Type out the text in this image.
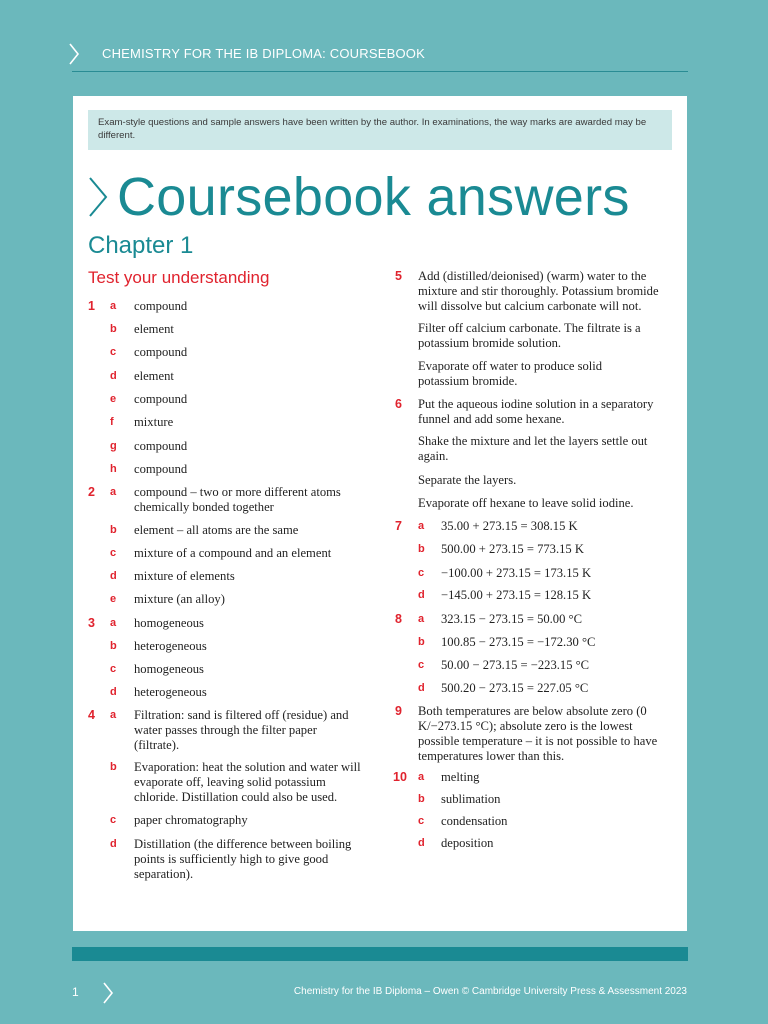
CHEMISTRY FOR THE IB DIPLOMA: COURSEBOOK
Exam-style questions and sample answers have been written by the author. In examinations, the way marks are awarded may be different.
Coursebook answers
Chapter 1
Test your understanding
1 a compound
b element
c compound
d element
e compound
f mixture
g compound
h compound
2 a compound – two or more different atoms chemically bonded together
b element – all atoms are the same
c mixture of a compound and an element
d mixture of elements
e mixture (an alloy)
3 a homogeneous
b heterogeneous
c homogeneous
d heterogeneous
4 a Filtration: sand is filtered off (residue) and water passes through the filter paper (filtrate).
b Evaporation: heat the solution and water will evaporate off, leaving solid potassium chloride. Distillation could also be used.
c paper chromatography
d Distillation (the difference between boiling points is sufficiently high to give good separation).
5 Add (distilled/deionised) (warm) water to the mixture and stir thoroughly. Potassium bromide will dissolve but calcium carbonate will not.
Filter off calcium carbonate. The filtrate is a potassium bromide solution.
Evaporate off water to produce solid potassium bromide.
6 Put the aqueous iodine solution in a separatory funnel and add some hexane.
Shake the mixture and let the layers settle out again.
Separate the layers.
Evaporate off hexane to leave solid iodine.
7 a 35.00 + 273.15 = 308.15 K
b 500.00 + 273.15 = 773.15 K
c −100.00 + 273.15 = 173.15 K
d −145.00 + 273.15 = 128.15 K
8 a 323.15 − 273.15 = 50.00 °C
b 100.85 − 273.15 = −172.30 °C
c 50.00 − 273.15 = −223.15 °C
d 500.20 − 273.15 = 227.05 °C
9 Both temperatures are below absolute zero (0 K/−273.15 °C); absolute zero is the lowest possible temperature – it is not possible to have temperatures lower than this.
10 a melting
b sublimation
c condensation
d deposition
1	Chemistry for the IB Diploma – Owen © Cambridge University Press & Assessment 2023
